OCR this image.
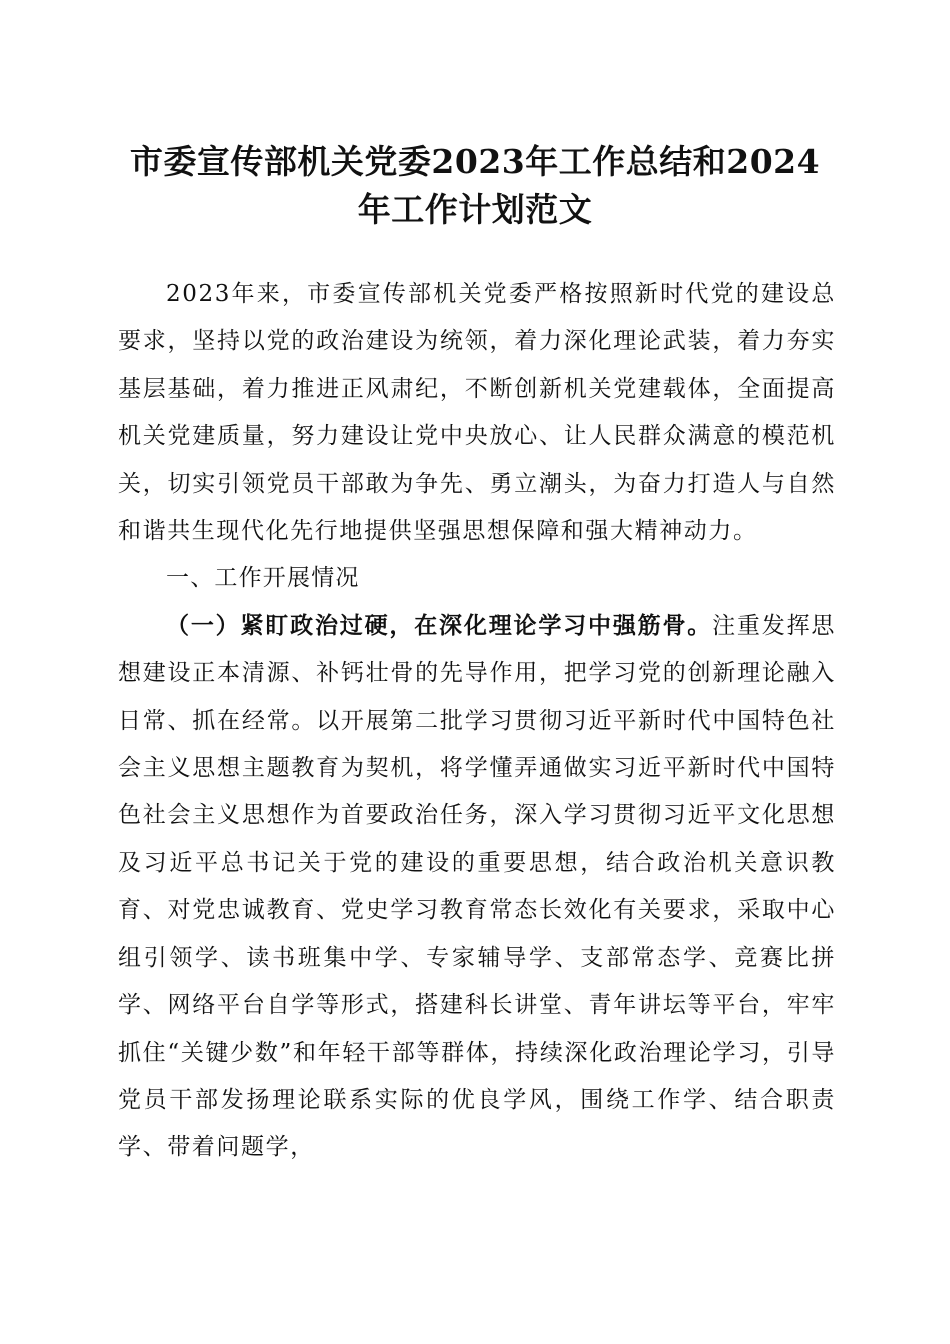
市委宣传部机关党委2023年工作总结和2024
年工作计划范文

2023年来，市委宣传部机关党委严格按照新时代党的建设总要求，坚持以党的政治建设为统领，着力深化理论武装，着力夯实基层基础，着力推进正风肃纪，不断创新机关党建载体，全面提高机关党建质量，努力建设让党中央放心、让人民群众满意的模范机关，切实引领党员干部敢为争先、勇立潮头，为奋力打造人与自然和谐共生现代化先行地提供坚强思想保障和强大精神动力。

一、工作开展情况

（一）紧盯政治过硬，在深化理论学习中强筋骨。注重发挥思想建设正本清源、补钙壮骨的先导作用，把学习党的创新理论融入日常、抓在经常。以开展第二批学习贯彻习近平新时代中国特色社会主义思想主题教育为契机，将学懂弄通做实习近平新时代中国特色社会主义思想作为首要政治任务，深入学习贯彻习近平文化思想及习近平总书记关于党的建设的重要思想，结合政治机关意识教育、对党忠诚教育、党史学习教育常态长效化有关要求，采取中心组引领学、读书班集中学、专家辅导学、支部常态学、竞赛比拼学、网络平台自学等形式，搭建科长讲堂、青年讲坛等平台，牢牢抓住“关键少数”和年轻干部等群体，持续深化政治理论学习，引导党员干部发扬理论联系实际的优良学风，围绕工作学、结合职责学、带着问题学，
